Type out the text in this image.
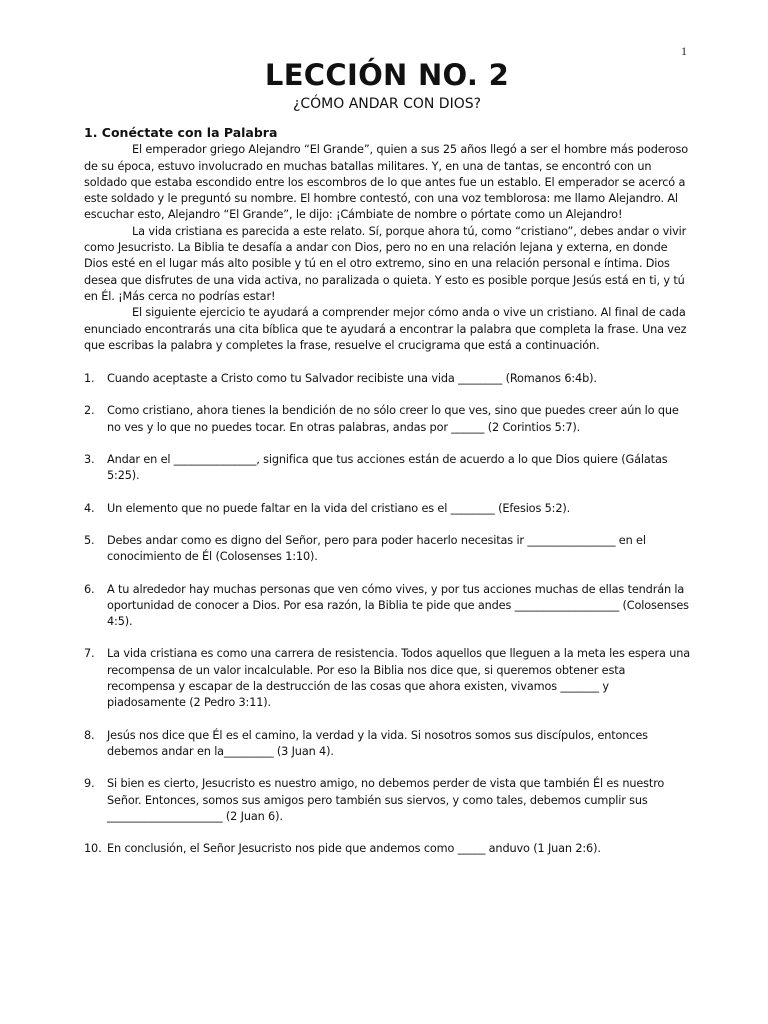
1
LECCIÓN NO. 2
¿CÓMO ANDAR CON DIOS?
1. Conéctate con la Palabra

El emperador griego Alejandro “El Grande”, quien a sus 25 años llegó a ser el hombre más poderoso de su época, estuvo involucrado en muchas batallas militares. Y, en una de tantas, se encontró con un soldado que estaba escondido entre los escombros de lo que antes fue un establo. El emperador se acercó a este soldado y le preguntó su nombre. El hombre contestó, con una voz temblorosa: me llamo Alejandro. Al escuchar esto, Alejandro “El Grande”, le dijo: ¡Cámbiate de nombre o pórtate como un Alejandro!

La vida cristiana es parecida a este relato. Sí, porque ahora tú, como “cristiano”, debes andar o vivir como Jesucristo. La Biblia te desafía a andar con Dios, pero no en una relación lejana y externa, en donde Dios esté en el lugar más alto posible y tú en el otro extremo, sino en una relación personal e íntima. Dios desea que disfrutes de una vida activa, no paralizada o quieta. Y esto es posible porque Jesús está en ti, y tú en Él. ¡Más cerca no podrías estar!

El siguiente ejercicio te ayudará a comprender mejor cómo anda o vive un cristiano. Al final de cada enunciado encontrarás una cita bíblica que te ayudará a encontrar la palabra que completa la frase. Una vez que escribas la palabra y completes la frase, resuelve el crucigrama que está a continuación.

1. Cuando aceptaste a Cristo como tu Salvador recibiste una vida ________ (Romanos 6:4b).
2. Como cristiano, ahora tienes la bendición de no sólo creer lo que ves, sino que puedes creer aún lo que no ves y lo que no puedes tocar. En otras palabras, andas por ______ (2 Corintios 5:7).
3. Andar en el _______________, significa que tus acciones están de acuerdo a lo que Dios quiere (Gálatas 5:25).
4. Un elemento que no puede faltar en la vida del cristiano es el ________ (Efesios 5:2).
5. Debes andar como es digno del Señor, pero para poder hacerlo necesitas ir ________________ en el conocimiento de Él (Colosenses 1:10).
6. A tu alrededor hay muchas personas que ven cómo vives, y por tus acciones muchas de ellas tendrán la oportunidad de conocer a Dios. Por esa razón, la Biblia te pide que andes ___________________ (Colosenses 4:5).
7. La vida cristiana es como una carrera de resistencia. Todos aquellos que lleguen a la meta les espera una recompensa de un valor incalculable. Por eso la Biblia nos dice que, si queremos obtener esta recompensa y escapar de la destrucción de las cosas que ahora existen, vivamos _______ y piadosamente (2 Pedro 3:11).
8. Jesús nos dice que Él es el camino, la verdad y la vida. Si nosotros somos sus discípulos, entonces debemos andar en la_________ (3 Juan 4).
9. Si bien es cierto, Jesucristo es nuestro amigo, no debemos perder de vista que también Él es nuestro Señor. Entonces, somos sus amigos pero también sus siervos, y como tales, debemos cumplir sus _____________________ (2 Juan 6).
10. En conclusión, el Señor Jesucristo nos pide que andemos como _____ anduvo (1 Juan 2:6).
